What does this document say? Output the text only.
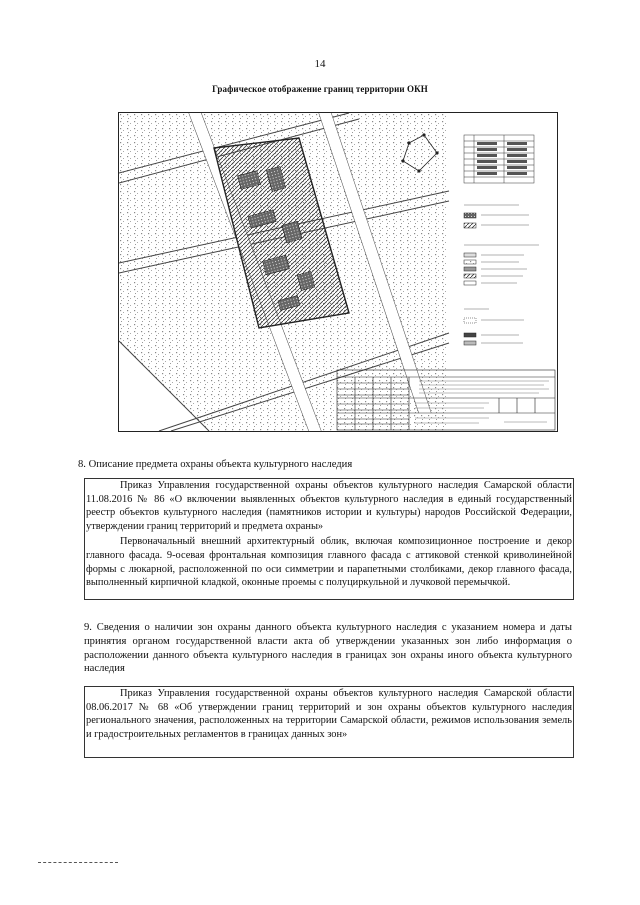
14
Графическое отображение границ территории ОКН
8. Описание предмета охраны объекта культурного наследия

Приказ Управления государственной охраны объектов культурного наследия Самарской области 11.08.2016 № 86 «О включении выявленных объектов культурного наследия в единый государственный реестр объектов культурного наследия (памятников истории и культуры) народов Российской Федерации, утверждении границ территорий и предмета охраны»

Первоначальный внешний архитектурный облик, включая композиционное построение и декор главного фасада. 9-осевая фронтальная композиция главного фасада с аттиковой стенкой криволинейной формы с люкарной, расположенной по оси симметрии и парапетными столбиками, декор главного фасада, выполненный кирпичной кладкой, оконные проемы с полуциркульной и лучковой перемычкой.

9. Сведения о наличии зон охраны данного объекта культурного наследия с указанием номера и даты принятия органом государственной власти акта об утверждении указанных зон либо информация о расположении данного объекта культурного наследия в границах зон охраны иного объекта культурного наследия

Приказ Управления государственной охраны объектов культурного наследия Самарской области 08.06.2017 № 68 «Об утверждении границ территорий и зон охраны объектов культурного наследия регионального значения, расположенных на территории Самарской области, режимов использования земель и градостроительных регламентов в границах данных зон»
